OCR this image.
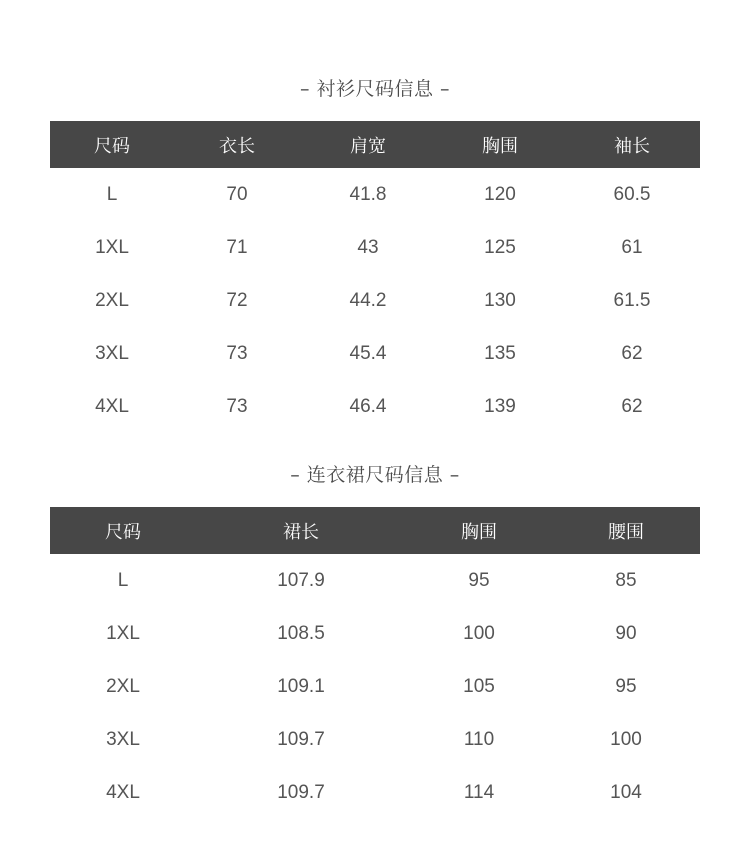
– 衬衫尺码信息 –
尺码	衣长	肩宽	胸围	袖长
L	70	41.8	120	60.5
1XL	71	43	125	61
2XL	72	44.2	130	61.5
3XL	73	45.4	135	62
4XL	73	46.4	139	62
– 连衣裙尺码信息 –
尺码	裙长	胸围	腰围
L	107.9	95	85
1XL	108.5	100	90
2XL	109.1	105	95
3XL	109.7	110	100
4XL	109.7	114	104
